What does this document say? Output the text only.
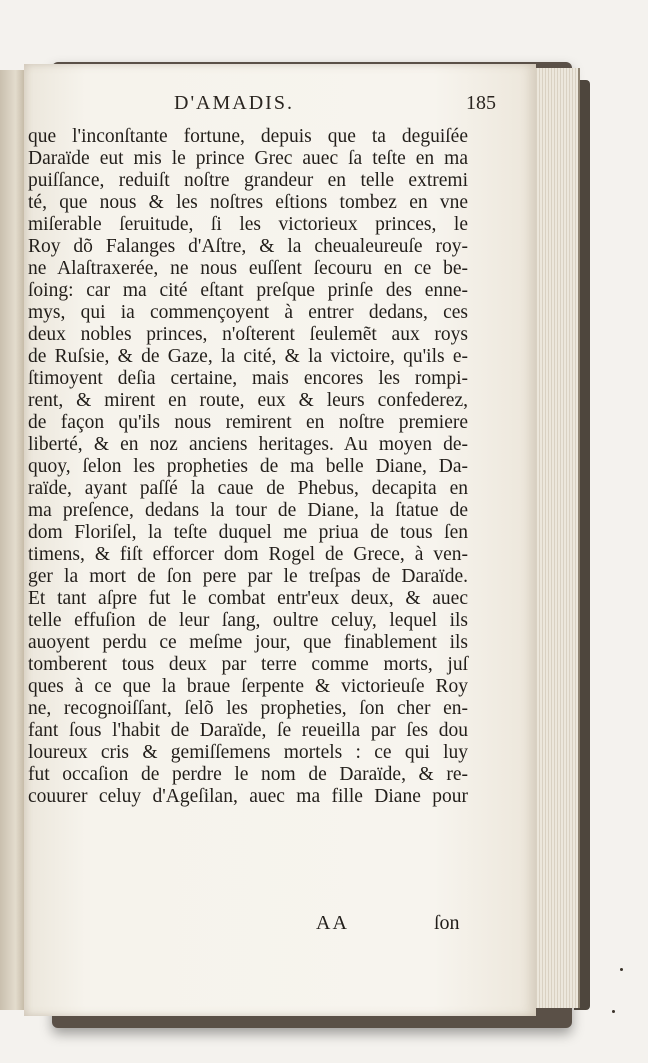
D'AMADIS.	185
que l'inconſtante fortune, depuis que ta deguiſée
Daraïde eut mis le prince Grec auec ſa teſte en ma
puiſſance, reduiſt noſtre grandeur en telle extremi
té, que nous & les noſtres eſtions tombez en vne
miſerable ſeruitude, ſi les victorieux princes, le
Roy dõ Falanges d'Aſtre, & la cheualeureuſe roy-
ne Alaſtraxerée, ne nous euſſent ſecouru en ce be-
ſoing: car ma cité eſtant preſque prinſe des enne-
mys, qui ia commençoyent à entrer dedans, ces
deux nobles princes, n'oſterent ſeulemẽt aux roys
de Ruſsie, & de Gaze, la cité, & la victoire, qu'ils e-
ſtimoyent deſia certaine, mais encores les rompi-
rent, & mirent en route, eux & leurs confederez,
de façon qu'ils nous remirent en noſtre premiere
liberté, & en noz anciens heritages. Au moyen de-
quoy, ſelon les propheties de ma belle Diane, Da-
raïde, ayant paſſé la caue de Phebus, decapita en
ma preſence, dedans la tour de Diane, la ſtatue de
dom Floriſel, la teſte duquel me priua de tous ſen
timens, & fiſt efforcer dom Rogel de Grece, à ven-
ger la mort de ſon pere par le treſpas de Daraïde.
Et tant aſpre fut le combat entr'eux deux, & auec
telle effuſion de leur ſang, oultre celuy, lequel ils
auoyent perdu ce meſme jour, que finablement ils
tomberent tous deux par terre comme morts, juſ
ques à ce que la braue ſerpente & victorieuſe Roy
ne, recognoiſſant, ſelõ les propheties, ſon cher en-
fant ſous l'habit de Daraïde, ſe reueilla par ſes dou
loureux cris & gemiſſemens mortels : ce qui luy
fut occaſion de perdre le nom de Daraïde, & re-
couurer celuy d'Ageſilan, auec ma fille Diane pour
AA	ſon
